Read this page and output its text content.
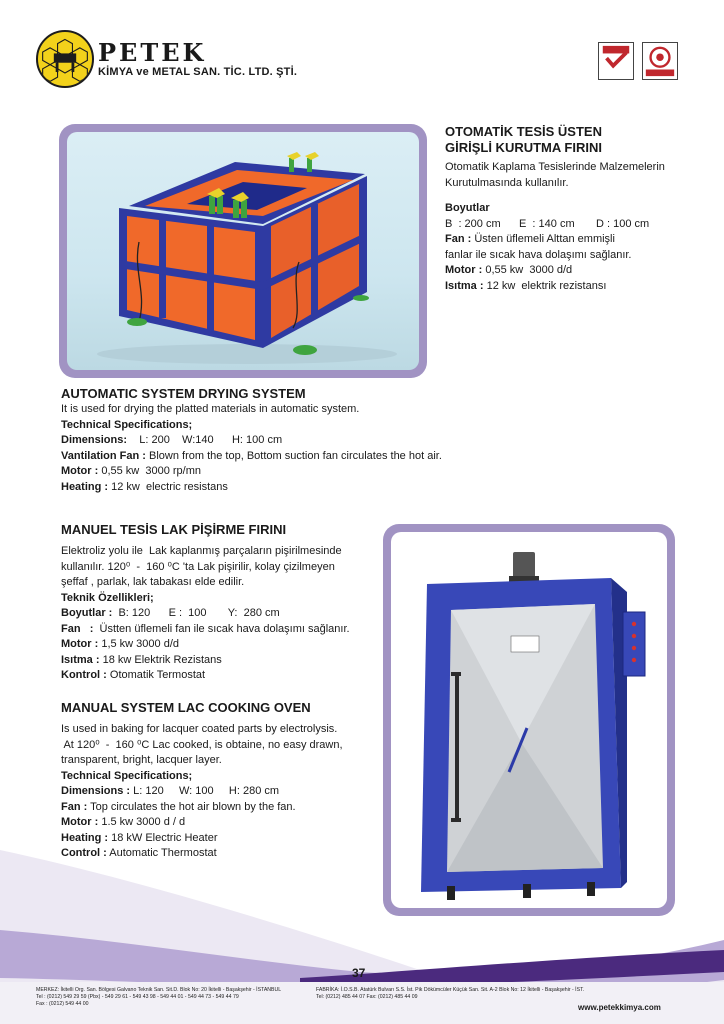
PETEK
KİMYA ve METAL SAN. TİC. LTD. ŞTİ.
OTOMATİK TESİS ÜSTEN
GİRİŞLİ KURUTMA FIRINI
Otomatik Kaplama Tesislerinde Malzemelerin
Kurutulmasında kullanılır.
Boyutlar
B  : 200 cm      E  : 140 cm       D : 100 cm
Fan : Üsten üflemeli Alttan emmişli
fanlar ile sıcak hava dolaşımı sağlanır.
Motor : 0,55 kw  3000 d/d
Isıtma : 12 kw  elektrik rezistansı
AUTOMATIC SYSTEM DRYING SYSTEM
It is used for drying the platted materials in automatic system.
Technical Specifications;
Dimensions:    L: 200    W:140      H: 100 cm
Vantilation Fan : Blown from the top, Bottom suction fan circulates the hot air.
Motor : 0,55 kw  3000 rp/mn
Heating : 12 kw  electric resistans
MANUEL TESİS LAK PİŞİRME FIRINI
Elektroliz yolu ile  Lak kaplanmış parçaların pişirilmesinde
kullanılır. 120⁰  -  160 ⁰C 'ta Lak pişirilir, kolay çizilmeyen
şeffaf , parlak, lak tabakası elde edilir.
Teknik Özellikleri;
Boyutlar :  B: 120      E :  100       Y:  280 cm
Fan   :  Üstten üflemeli fan ile sıcak hava dolaşımı sağlanır.
Motor : 1,5 kw 3000 d/d
Isıtma : 18 kw Elektrik Rezistans
Kontrol : Otomatik Termostat
MANUAL SYSTEM LAC COOKING OVEN
Is used in baking for lacquer coated parts by electrolysis.
At 120⁰  -  160 ⁰C Lac cooked, is obtaine, no easy drawn,
transparent, bright, lacquer layer.
Technical Specifications;
Dimensions : L: 120     W: 100     H: 280 cm
Fan : Top circulates the hot air blown by the fan.
Motor : 1.5 kw 3000 d / d
Heating : 18 kW Electric Heater
Control : Automatic Thermostat
37
MERKEZ: İkitelli Org. San. Bölgesi Galvano Teknik San. Sit.D. Blok No: 20 İkitelli - Başakşehir - İSTANBUL
Tel : (0212) 549 29 59 (Pbx) - 549 29 61 - 549 43 98 - 549 44 01 - 549 44 73 - 549 44 79
Fax : (0212) 549 44 00
FABRİKA: İ.O.S.B. Atatürk Bulvarı S.S. İst. Pik Dökümcüler Küçük San. Sit. A-2 Blok No: 12 İkitelli - Başakşehir - İST.
Tel: (0212) 485 44 07 Fax: (0212) 485 44 09
www.petekkimya.com
